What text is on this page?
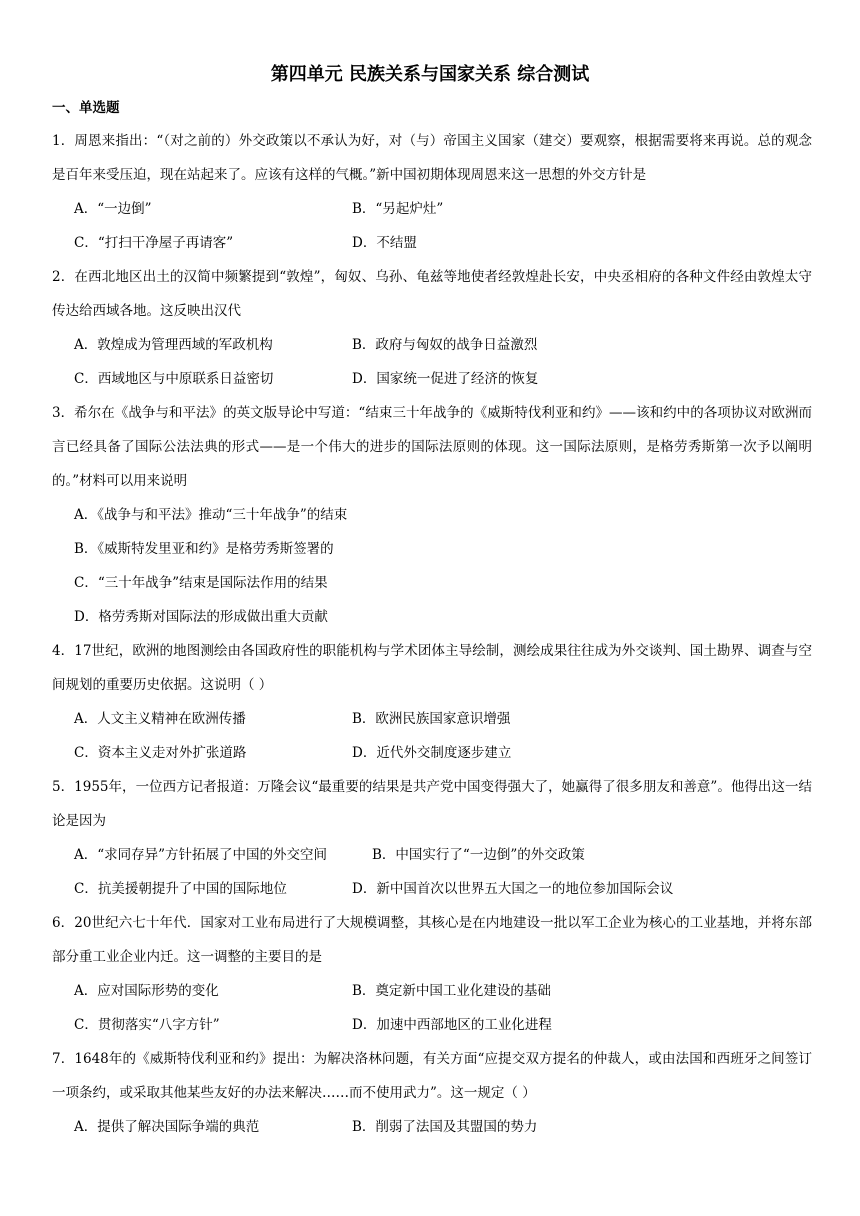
第四单元 民族关系与国家关系 综合测试
一、单选题
1．周恩来指出：“（对之前的）外交政策以不承认为好，对（与）帝国主义国家（建交）要观察，根据需要将来再说。总的观念是百年来受压迫，现在站起来了。应该有这样的气概。”新中国初期体现周恩来这一思想的外交方针是
A．“一边倒”	B．“另起炉灶”
C．“打扫干净屋子再请客”	D．不结盟
2．在西北地区出土的汉简中频繁提到“敦煌”，匈奴、乌孙、龟兹等地使者经敦煌赴长安，中央丞相府的各种文件经由敦煌太守传达给西域各地。这反映出汉代
A．敦煌成为管理西域的军政机构	B．政府与匈奴的战争日益激烈
C．西域地区与中原联系日益密切	D．国家统一促进了经济的恢复
3．希尔在《战争与和平法》的英文版导论中写道：“结束三十年战争的《威斯特伐利亚和约》——该和约中的各项协议对欧洲而言已经具备了国际公法法典的形式——是一个伟大的进步的国际法原则的体现。这一国际法原则，是格劳秀斯第一次予以阐明的。”材料可以用来说明
A．《战争与和平法》推动“三十年战争”的结束
B．《威斯特发里亚和约》是格劳秀斯签署的
C．“三十年战争”结束是国际法作用的结果
D．格劳秀斯对国际法的形成做出重大贡献
4．17世纪，欧洲的地图测绘由各国政府性的职能机构与学术团体主导绘制，测绘成果往往成为外交谈判、国土勘界、调查与空间规划的重要历史依据。这说明（ ）
A．人文主义精神在欧洲传播	B．欧洲民族国家意识增强
C．资本主义走对外扩张道路	D．近代外交制度逐步建立
5．1955年，一位西方记者报道：万隆会议“最重要的结果是共产党中国变得强大了，她赢得了很多朋友和善意”。他得出这一结论是因为
A．“求同存异”方针拓展了中国的外交空间	B．中国实行了“一边倒”的外交政策
C．抗美援朝提升了中国的国际地位	D．新中国首次以世界五大国之一的地位参加国际会议
6．20世纪六七十年代．国家对工业布局进行了大规模调整，其核心是在内地建设一批以军工企业为核心的工业基地，并将东部部分重工业企业内迁。这一调整的主要目的是
A．应对国际形势的变化	B．奠定新中国工业化建设的基础
C．贯彻落实“八字方针”	D．加速中西部地区的工业化进程
7．1648年的《威斯特伐利亚和约》提出：为解决洛林问题，有关方面“应提交双方提名的仲裁人，或由法国和西班牙之间签订一项条约，或采取其他某些友好的办法来解决……而不使用武力”。这一规定（ ）
A．提供了解决国际争端的典范	B．削弱了法国及其盟国的势力
